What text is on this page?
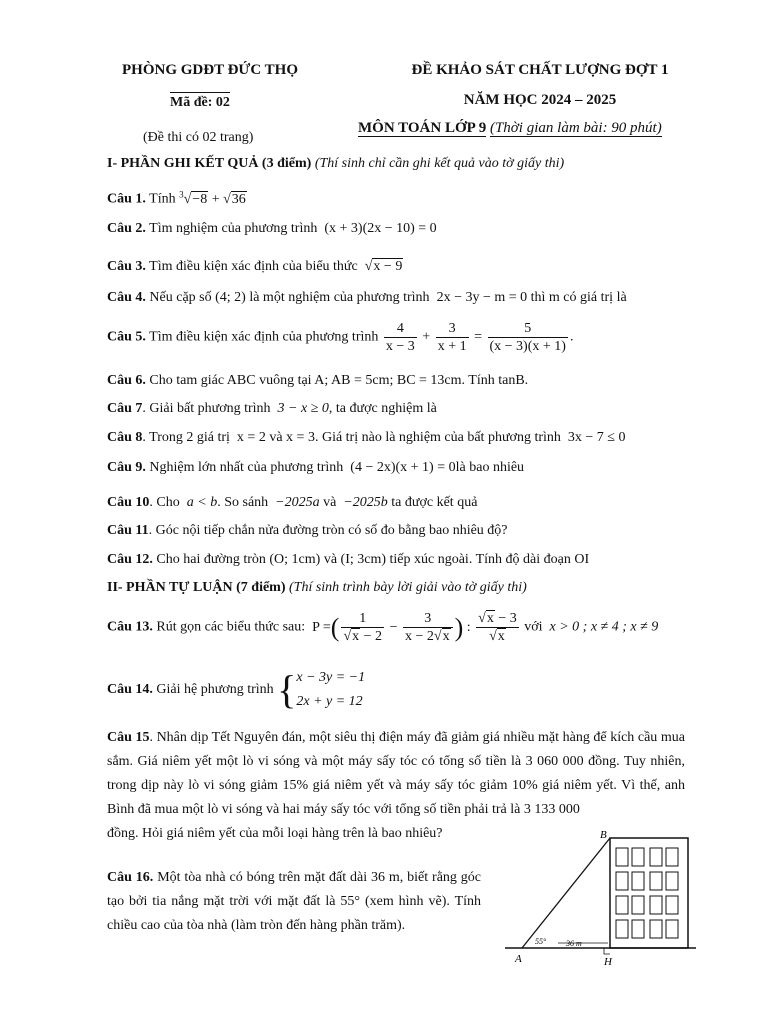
PHÒNG GDĐT ĐỨC THỌ
Mã đề: 02
(Đề thi có 02 trang)
ĐỀ KHẢO SÁT CHẤT LƯỢNG ĐỢT 1
NĂM HỌC 2024 – 2025
MÔN TOÁN LỚP 9 (Thời gian làm bài: 90 phút)
I- PHẦN GHI KẾT QUẢ (3 điểm) (Thí sinh chỉ cần ghi kết quả vào tờ giấy thi)
Câu 1. Tính $^3$√−8 + √36
Câu 2. Tìm nghiệm của phương trình  (x + 3)(2x − 10) = 0
Câu 3. Tìm điều kiện xác định của biểu thức  √x − 9
Câu 4. Nếu cặp số (4; 2) là một nghiệm của phương trình  2x − 3y − m = 0 thì m có giá trị là
Câu 5. Tìm điều kiện xác định của phương trình $\frac{4}{x - 3} + \frac{3}{x + 1} = \frac{5}{(x - 3)(x + 1)}$ .
Câu 6. Cho tam giác ABC vuông tại A; AB = 5cm; BC = 13cm. Tính tanB.
Câu 7. Giải bất phương trình  3 − x ≥ 0, ta được nghiệm là
Câu 8. Trong 2 giá trị  x = 2 và x = 3. Giá trị nào là nghiệm của bất phương trình  3x − 7 ≤ 0
Câu 9. Nghiệm lớn nhất của phương trình  (4 − 2x)(x + 1) = 0là bao nhiêu
Câu 10. Cho  a < b. So sánh  −2025a và  −2025b ta được kết quả
Câu 11. Góc nội tiếp chắn nửa đường tròn có số đo bằng bao nhiêu độ?
Câu 12. Cho hai đường tròn (O; 1cm) và (I; 3cm) tiếp xúc ngoài. Tính độ dài đoạn OI
II- PHẦN TỰ LUẬN (7 điểm) (Thí sinh trình bày lời giải vào tờ giấy thi)
Câu 13. Rút gọn các biểu thức sau:  P =( $\frac{1}{√x - 2} - \frac{3}{x - 2√x}$ ) : $\frac{√x - 3}{√x}$ với  x > 0 ; x ≠ 4 ; x ≠ 9
Câu 14. Giải hệ phương trình { x − 3y = −1
2x + y = 12
Câu 15. Nhân dịp Tết Nguyên đán, một siêu thị điện máy đã giảm giá nhiều mặt hàng để kích cầu mua sắm. Giá niêm yết một lò vi sóng và một máy sấy tóc có tổng số tiền là 3 060 000 đồng. Tuy nhiên, trong dịp này lò vi sóng giảm 15% giá niêm yết và máy sấy tóc giảm 10% giá niêm yết. Vì thế, anh Bình đã mua một lò vi sóng và hai máy sấy tóc với tổng số tiền phải trả là 3 133 000
đồng. Hỏi giá niêm yết của mỗi loại hàng trên là bao nhiêu?
Câu 16. Một tòa nhà có bóng trên mặt đất dài 36 m, biết rằng góc tạo bởi tia nắng mặt trời với mặt đất là 55° (xem hình vẽ). Tính chiều cao của tòa nhà (làm tròn đến hàng phần trăm).
B
A	H
55° 36 m
